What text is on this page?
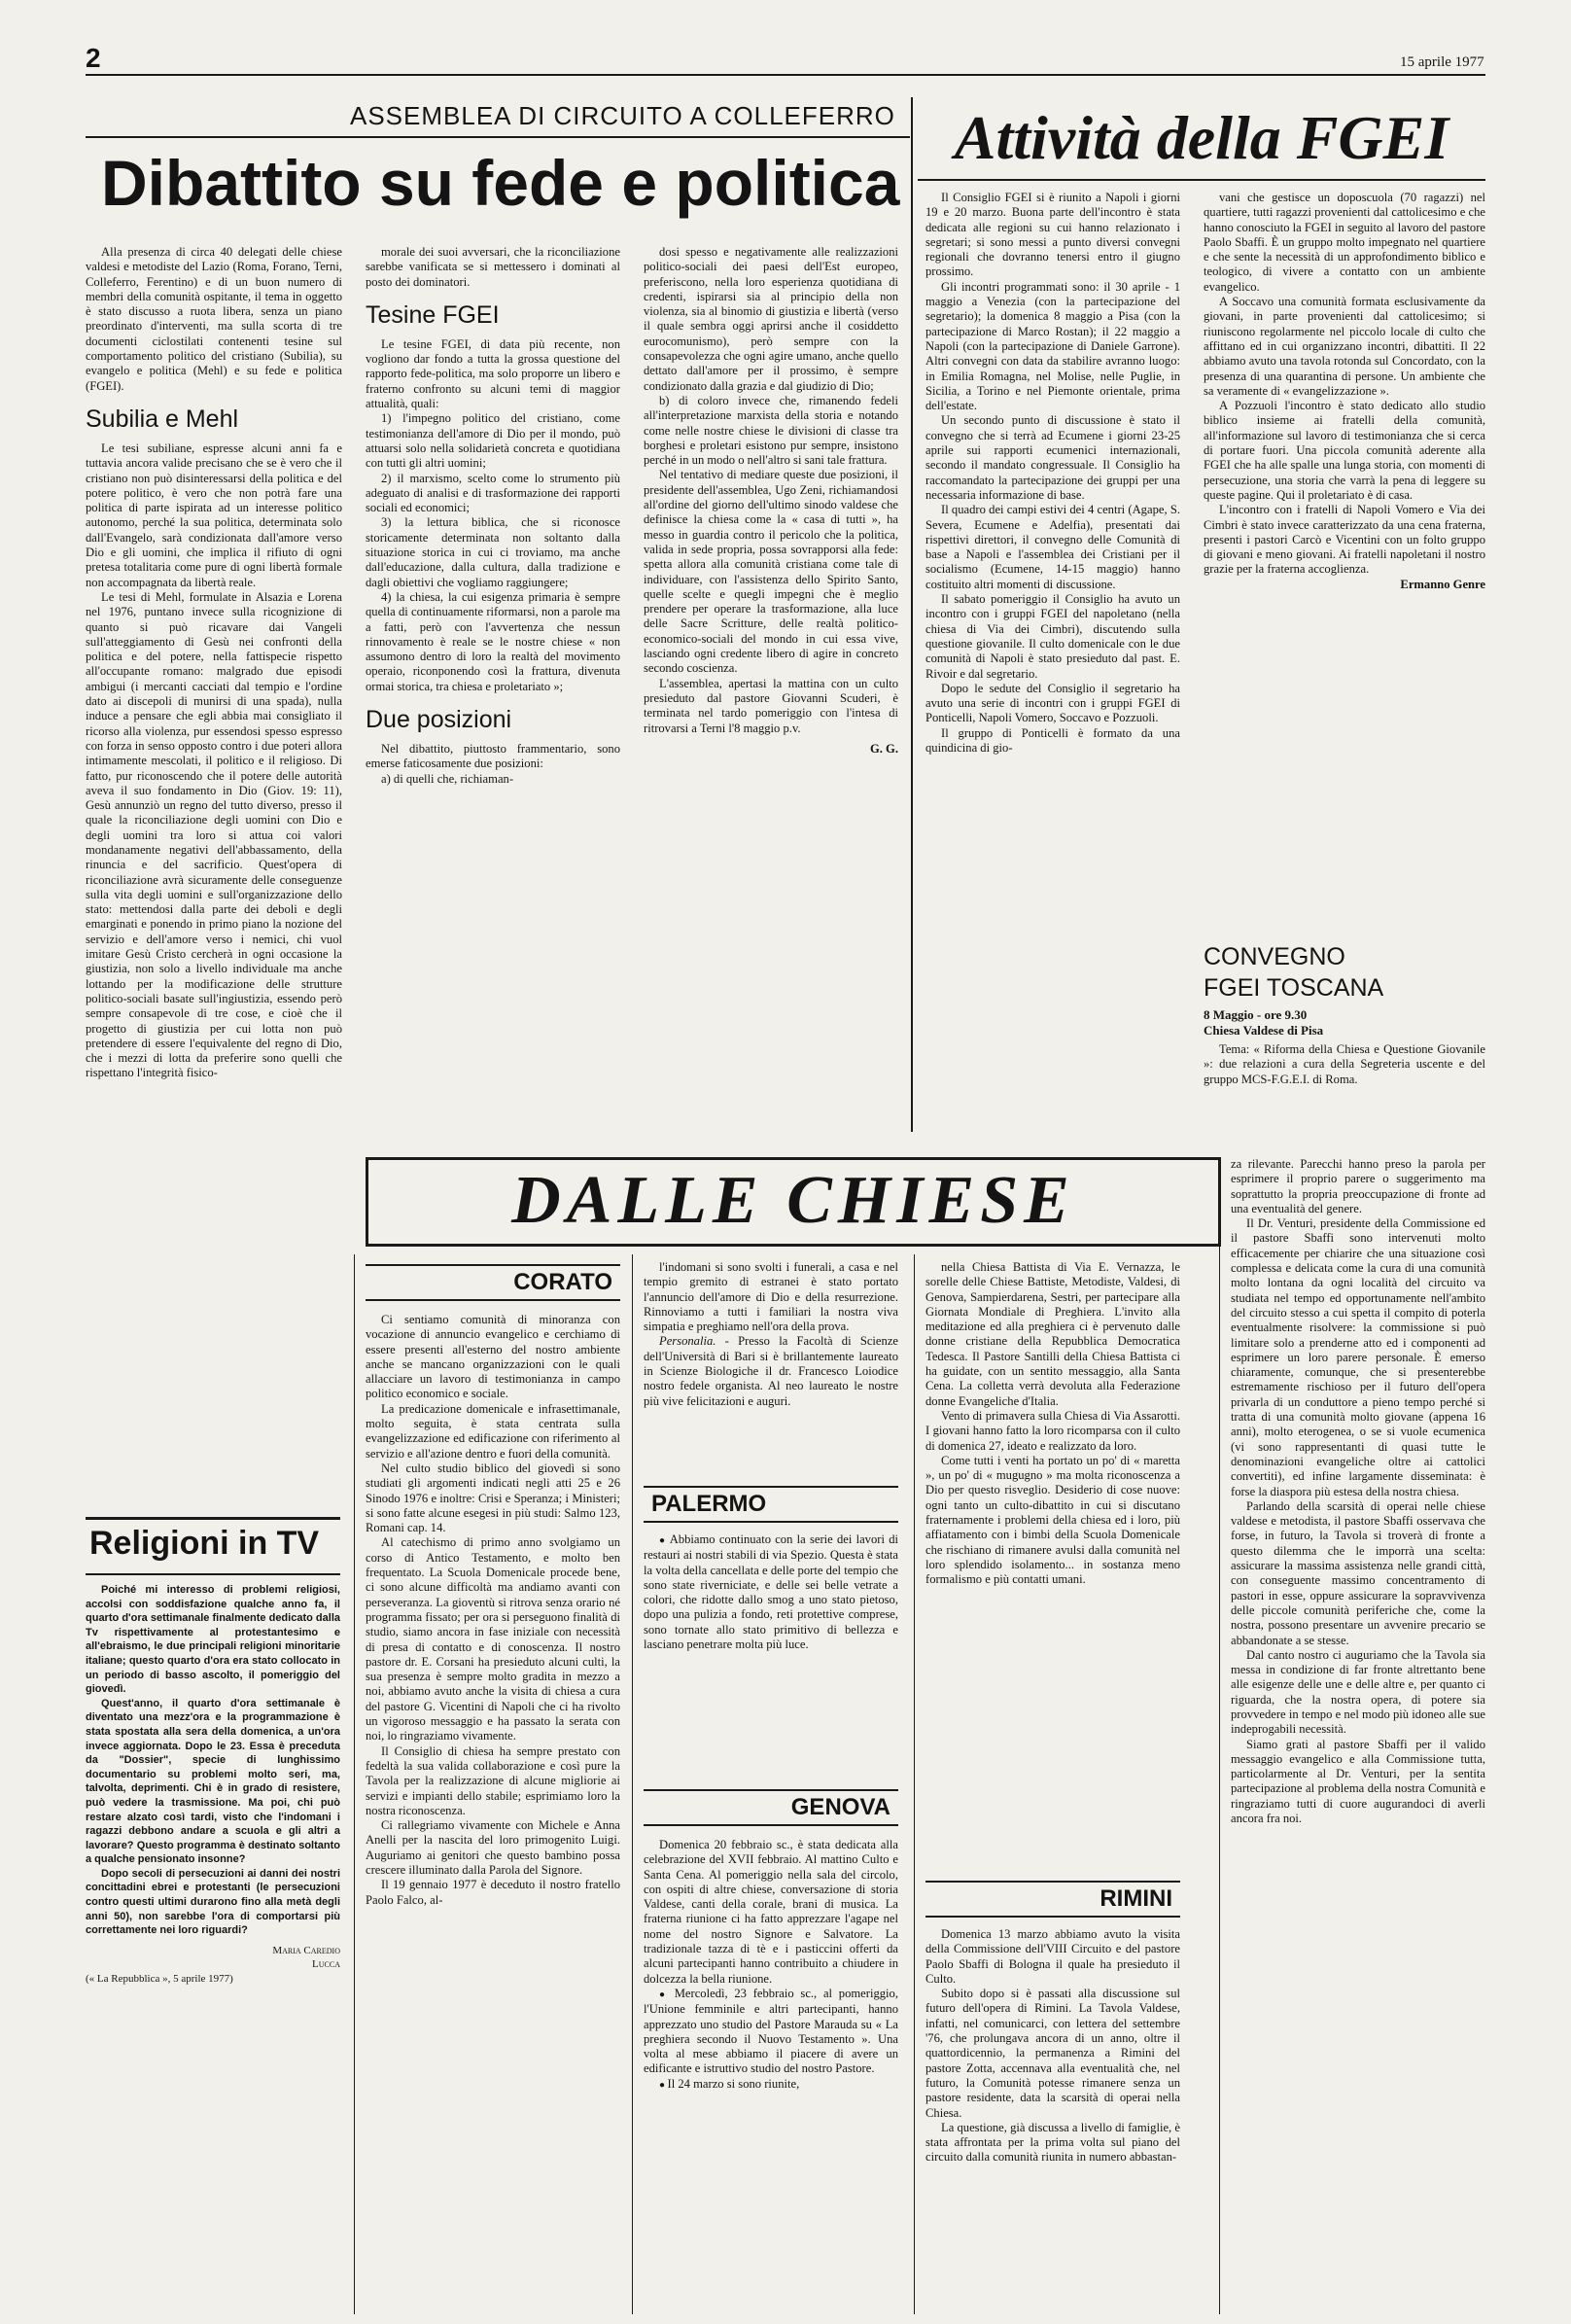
2	15 aprile 1977
ASSEMBLEA DI CIRCUITO A COLLEFERRO
Dibattito su fede e politica
Attività della FGEI

Alla presenza di circa 40 delegati delle chiese valdesi e metodiste del Lazio (Roma, Forano, Terni, Colleferro, Ferentino) e di un buon numero di membri della comunità ospitante, il tema in oggetto è stato discusso a ruota libera, senza un piano preordinato d'interventi, ma sulla scorta di tre documenti ciclostilati contenenti tesine sul comportamento politico del cristiano (Subilia), su evangelo e politica (Mehl) e su fede e politica (FGEI).

Subilia e Mehl

Le tesi subiliane, espresse alcuni anni fa e tuttavia ancora valide precisano che se è vero che il cristiano non può disinteressarsi della politica e del potere politico, è vero che non potrà fare una politica di parte ispirata ad un interesse politico autonomo, perché la sua politica, determinata solo dall'Evangelo, sarà condizionata dall'amore verso Dio e gli uomini, che implica il rifiuto di ogni pretesa totalitaria come pure di ogni libertà formale non accompagnata da libertà reale.

Le tesi di Mehl, formulate in Alsazia e Lorena nel 1976, puntano invece sulla ricognizione di quanto si può ricavare dai Vangeli sull'atteggiamento di Gesù nei confronti della politica e del potere, nella fattispecie rispetto all'occupante romano: malgrado due episodi ambigui (i mercanti cacciati dal tempio e l'ordine dato ai discepoli di munirsi di una spada), nulla induce a pensare che egli abbia mai consigliato il ricorso alla violenza, pur essendosi spesso espresso con forza in senso opposto contro i due poteri allora intimamente mescolati, il politico e il religioso. Di fatto, pur riconoscendo che il potere delle autorità aveva il suo fondamento in Dio (Giov. 19: 11), Gesù annunziò un regno del tutto diverso, presso il quale la riconciliazione degli uomini con Dio e degli uomini tra loro si attua coi valori mondanamente negativi dell'abbassamento, della rinuncia e del sacrificio. Quest'opera di riconciliazione avrà sicuramente delle conseguenze sulla vita degli uomini e sull'organizzazione dello stato: mettendosi dalla parte dei deboli e degli emarginati e ponendo in primo piano la nozione del servizio e dell'amore verso i nemici, chi vuol imitare Gesù Cristo cercherà in ogni occasione la giustizia, non solo a livello individuale ma anche lottando per la modificazione delle strutture politico-sociali basate sull'ingiustizia, essendo però sempre consapevole di tre cose, e cioè che il progetto di giustizia per cui lotta non può pretendere di essere l'equivalente del regno di Dio, che i mezzi di lotta da preferire sono quelli che rispettano l'integrità fisico-

morale dei suoi avversari, che la riconciliazione sarebbe vanificata se si mettessero i dominati al posto dei dominatori.

Tesine FGEI

Le tesine FGEI, di data più recente, non vogliono dar fondo a tutta la grossa questione del rapporto fede-politica, ma solo proporre un libero e fraterno confronto su alcuni temi di maggior attualità, quali:

1) l'impegno politico del cristiano, come testimonianza dell'amore di Dio per il mondo, può attuarsi solo nella solidarietà concreta e quotidiana con tutti gli altri uomini;

2) il marxismo, scelto come lo strumento più adeguato di analisi e di trasformazione dei rapporti sociali ed economici;

3) la lettura biblica, che si riconosce storicamente determinata non soltanto dalla situazione storica in cui ci troviamo, ma anche dall'educazione, dalla cultura, dalla tradizione e dagli obiettivi che vogliamo raggiungere;

4) la chiesa, la cui esigenza primaria è sempre quella di continuamente riformarsi, non a parole ma a fatti, però con l'avvertenza che nessun rinnovamento è reale se le nostre chiese « non assumono dentro di loro la realtà del movimento operaio, riconponendo così la frattura, divenuta ormai storica, tra chiesa e proletariato »;

Due posizioni

Nel dibattito, piuttosto frammentario, sono emerse faticosamente due posizioni:

a) di quelli che, richiaman-

dosi spesso e negativamente alle realizzazioni politico-sociali dei paesi dell'Est europeo, preferiscono, nella loro esperienza quotidiana di credenti, ispirarsi sia al principio della non violenza, sia al binomio di giustizia e libertà (verso il quale sembra oggi aprirsi anche il cosiddetto eurocomunismo), però sempre con la consapevolezza che ogni agire umano, anche quello dettato dall'amore per il prossimo, è sempre condizionato dalla grazia e dal giudizio di Dio;

b) di coloro invece che, rimanendo fedeli all'interpretazione marxista della storia e notando come nelle nostre chiese le divisioni di classe tra borghesi e proletari esistono pur sempre, insistono perché in un modo o nell'altro si sani tale frattura.

Nel tentativo di mediare queste due posizioni, il presidente dell'assemblea, Ugo Zeni, richiamandosi all'ordine del giorno dell'ultimo sinodo valdese che definisce la chiesa come la « casa di tutti », ha messo in guardia contro il pericolo che la politica, valida in sede propria, possa sovrapporsi alla fede: spetta allora alla comunità cristiana come tale di individuare, con l'assistenza dello Spirito Santo, quelle scelte e quegli impegni che è meglio prendere per operare la trasformazione, alla luce delle Sacre Scritture, delle realtà politico-economico-sociali del mondo in cui essa vive, lasciando ogni credente libero di agire in concreto secondo coscienza.

L'assemblea, apertasi la mattina con un culto presieduto dal pastore Giovanni Scuderi, è terminata nel tardo pomeriggio con l'intesa di ritrovarsi a Terni l'8 maggio p.v.

G. G.

Il Consiglio FGEI si è riunito a Napoli i giorni 19 e 20 marzo. Buona parte dell'incontro è stata dedicata alle regioni su cui hanno relazionato i segretari; si sono messi a punto diversi convegni regionali che dovranno tenersi entro il giugno prossimo.

Gli incontri programmati sono: il 30 aprile - 1 maggio a Venezia (con la partecipazione del segretario); la domenica 8 maggio a Pisa (con la partecipazione di Marco Rostan); il 22 maggio a Napoli (con la partecipazione di Daniele Garrone). Altri convegni con data da stabilire avranno luogo: in Emilia Romagna, nel Molise, nelle Puglie, in Sicilia, a Torino e nel Piemonte orientale, prima dell'estate.

Un secondo punto di discussione è stato il convegno che si terrà ad Ecumene i giorni 23-25 aprile sui rapporti ecumenici internazionali, secondo il mandato congressuale. Il Consiglio ha raccomandato la partecipazione dei gruppi per una necessaria informazione di base.

Il quadro dei campi estivi dei 4 centri (Agape, S. Severa, Ecumene e Adelfia), presentati dai rispettivi direttori, il convegno delle Comunità di base a Napoli e l'assemblea dei Cristiani per il socialismo (Ecumene, 14-15 maggio) hanno costituito altri momenti di discussione.

Il sabato pomeriggio il Consiglio ha avuto un incontro con i gruppi FGEI del napoletano (nella chiesa di Via dei Cimbri), discutendo sulla questione giovanile. Il culto domenicale con le due comunità di Napoli è stato presieduto dal past. E. Rivoir e dal segretario.

Dopo le sedute del Consiglio il segretario ha avuto una serie di incontri con i gruppi FGEI di Ponticelli, Napoli Vomero, Soccavo e Pozzuoli.

Il gruppo di Ponticelli è formato da una quindicina di gio-

vani che gestisce un doposcuola (70 ragazzi) nel quartiere, tutti ragazzi provenienti dal cattolicesimo e che hanno conosciuto la FGEI in seguito al lavoro del pastore Paolo Sbaffi. È un gruppo molto impegnato nel quartiere e che sente la necessità di un approfondimento biblico e teologico, di vivere a contatto con un ambiente evangelico.

A Soccavo una comunità formata esclusivamente da giovani, in parte provenienti dal cattolicesimo; si riuniscono regolarmente nel piccolo locale di culto che affittano ed in cui organizzano incontri, dibattiti. Il 22 abbiamo avuto una tavola rotonda sul Concordato, con la presenza di una quarantina di persone. Un ambiente che sa veramente di « evangelizzazione ».

A Pozzuoli l'incontro è stato dedicato allo studio biblico insieme ai fratelli della comunità, all'informazione sul lavoro di testimonianza che si cerca di portare fuori. Una piccola comunità aderente alla FGEI che ha alle spalle una lunga storia, con momenti di persecuzione, una storia che varrà la pena di leggere su queste pagine. Qui il proletariato è di casa.

L'incontro con i fratelli di Napoli Vomero e Via dei Cimbri è stato invece caratterizzato da una cena fraterna, presenti i pastori Carcò e Vicentini con un folto gruppo di giovani e meno giovani. Ai fratelli napoletani il nostro grazie per la fraterna accoglienza.

Ermanno Genre
CONVEGNO FGEI TOSCANA
8 Maggio - ore 9.30
Chiesa Valdese di Pisa
Tema: « Riforma della Chiesa e Questione Giovanile »: due relazioni a cura della Segreteria uscente e del gruppo MCS-F.G.E.I. di Roma.
Religioni in TV

Poiché mi interesso di problemi religiosi, accolsi con soddisfazione qualche anno fa, il quarto d'ora settimanale finalmente dedicato dalla Tv rispettivamente al protestantesimo e all'ebraismo, le due principali religioni minoritarie italiane; questo quarto d'ora era stato collocato in un periodo di basso ascolto, il pomeriggio del giovedì.

Quest'anno, il quarto d'ora settimanale è diventato una mezz'ora e la programmazione è stata spostata alla sera della domenica, a un'ora invece aggiornata. Dopo le 23. Essa è preceduta da "Dossier", specie di lunghissimo documentario su problemi molto seri, ma, talvolta, deprimenti. Chi è in grado di resistere, può vedere la trasmissione. Ma poi, chi può restare alzato così tardi, visto che l'indomani i ragazzi debbono andare a scuola e gli altri a lavorare? Questo programma è destinato soltanto a qualche pensionato insonne?

Dopo secoli di persecuzioni ai danni dei nostri concittadini ebrei e protestanti (le persecuzioni contro questi ultimi durarono fino alla metà degli anni 50), non sarebbe l'ora di comportarsi più correttamente nei loro riguardi?

Maria Caredio
Lucca
(« La Repubblica », 5 aprile 1977)
DALLE CHIESE
CORATO

Ci sentiamo comunità di minoranza con vocazione di annuncio evangelico e cerchiamo di essere presenti all'esterno del nostro ambiente anche se mancano organizzazioni con le quali allacciare un lavoro di testimonianza in campo politico economico e sociale.

La predicazione domenicale e infrasettimanale, molto seguita, è stata centrata sulla evangelizzazione ed edificazione con riferimento al servizio e all'azione dentro e fuori della comunità.

Nel culto studio biblico del giovedì si sono studiati gli argomenti indicati negli atti 25 e 26 Sinodo 1976 e inoltre: Crisi e Speranza; i Ministeri; si sono fatte alcune esegesi in più studi: Salmo 123, Romani cap. 14.

Al catechismo di primo anno svolgiamo un corso di Antico Testamento, e molto ben frequentato. La Scuola Domenicale procede bene, ci sono alcune difficoltà ma andiamo avanti con perseveranza. La gioventù si ritrova senza orario né programma fissato; per ora si perseguono finalità di studio, siamo ancora in fase iniziale con necessità di presa di contatto e di conoscenza. Il nostro pastore dr. E. Corsani ha presieduto alcuni culti, la sua presenza è sempre molto gradita in mezzo a noi, abbiamo avuto anche la visita di chiesa a cura del pastore G. Vicentini di Napoli che ci ha rivolto un vigoroso messaggio e ha passato la serata con noi, lo ringraziamo vivamente.

Il Consiglio di chiesa ha sempre prestato con fedeltà la sua valida collaborazione e così pure la Tavola per la realizzazione di alcune migliorie ai servizi e impianti dello stabile; esprimiamo loro la nostra riconoscenza.

Ci rallegriamo vivamente con Michele e Anna Anelli per la nascita del loro primogenito Luigi. Auguriamo ai genitori che questo bambino possa crescere illuminato dalla Parola del Signore.

Il 19 gennaio 1977 è deceduto il nostro fratello Paolo Falco, al-

l'indomani si sono svolti i funerali, a casa e nel tempio gremito di estranei è stato portato l'annuncio dell'amore di Dio e della resurrezione. Rinnoviamo a tutti i familiari la nostra viva simpatia e preghiamo nell'ora della prova.

Personalia. - Presso la Facoltà di Scienze dell'Università di Bari si è brillantemente laureato in Scienze Biologiche il dr. Francesco Loiodice nostro fedele organista. Al neo laureato le nostre più vive felicitazioni e auguri.

PALERMO

● Abbiamo continuato con la serie dei lavori di restauri ai nostri stabili di via Spezio. Questa è stata la volta della cancellata e delle porte del tempio che sono state riverniciate, e delle sei belle vetrate a colori, che ridotte dallo smog a uno stato pietoso, dopo una pulizia a fondo, reti protettive comprese, sono tornate allo stato primitivo di bellezza e lasciano penetrare molta più luce.

GENOVA

Domenica 20 febbraio sc., è stata dedicata alla celebrazione del XVII febbraio. Al mattino Culto e Santa Cena. Al pomeriggio nella sala del circolo, con ospiti di altre chiese, conversazione di storia Valdese, canti della corale, brani di musica. La fraterna riunione ci ha fatto apprezzare l'agape nel nome del nostro Signore e Salvatore. La tradizionale tazza di tè e i pasticcini offerti da alcuni partecipanti hanno contribuito a chiudere in dolcezza la bella riunione.

● Mercoledì, 23 febbraio sc., al pomeriggio, l'Unione femminile e altri partecipanti, hanno apprezzato uno studio del Pastore Marauda su « La preghiera secondo il Nuovo Testamento ». Una volta al mese abbiamo il piacere di avere un edificante e istruttivo studio del nostro Pastore.

● Il 24 marzo si sono riunite,

nella Chiesa Battista di Via E. Vernazza, le sorelle delle Chiese Battiste, Metodiste, Valdesi, di Genova, Sampierdarena, Sestri, per partecipare alla Giornata Mondiale di Preghiera. L'invito alla meditazione ed alla preghiera ci è pervenuto dalle donne cristiane della Repubblica Democratica Tedesca. Il Pastore Santilli della Chiesa Battista ci ha guidate, con un sentito messaggio, alla Santa Cena. La colletta verrà devoluta alla Federazione donne Evangeliche d'Italia.

Vento di primavera sulla Chiesa di Via Assarotti. I giovani hanno fatto la loro ricomparsa con il culto di domenica 27, ideato e realizzato da loro.

Come tutti i venti ha portato un po' di « maretta », un po' di « mugugno » ma molta riconoscenza a Dio per questo risveglio. Desiderio di cose nuove: ogni tanto un culto-dibattito in cui si discutano fraternamente i problemi della chiesa ed i loro, più affiatamento con i bimbi della Scuola Domenicale che rischiano di rimanere avulsi dalla comunità nel loro splendido isolamento... in sostanza meno formalismo e più contatti umani.

RIMINI

Domenica 13 marzo abbiamo avuto la visita della Commissione dell'VIII Circuito e del pastore Paolo Sbaffi di Bologna il quale ha presieduto il Culto.

Subito dopo si è passati alla discussione sul futuro dell'opera di Rimini. La Tavola Valdese, infatti, nel comunicarci, con lettera del settembre '76, che prolungava ancora di un anno, oltre il quattordicennio, la permanenza a Rimini del pastore Zotta, accennava alla eventualità che, nel futuro, la Comunità potesse rimanere senza un pastore residente, data la scarsità di operai nella Chiesa.

La questione, già discussa a livello di famiglie, è stata affrontata per la prima volta sul piano del circuito dalla comunità riunita in numero abbastan-

za rilevante. Parecchi hanno preso la parola per esprimere il proprio parere o suggerimento ma soprattutto la propria preoccupazione di fronte ad una eventualità del genere.

Il Dr. Venturi, presidente della Commissione ed il pastore Sbaffi sono intervenuti molto efficacemente per chiarire che una situazione così complessa e delicata come la cura di una comunità molto lontana da ogni località del circuito va studiata nel tempo ed opportunamente nell'ambito del circuito stesso a cui spetta il compito di poterla eventualmente risolvere: la commissione si può limitare solo a prenderne atto ed i componenti ad esprimere un loro parere personale. È emerso chiaramente, comunque, che si presenterebbe estremamente rischioso per il futuro dell'opera privarla di un conduttore a pieno tempo perché si tratta di una comunità molto giovane (appena 16 anni), molto eterogenea, o se si vuole ecumenica (vi sono rappresentanti di quasi tutte le denominazioni evangeliche oltre ai cattolici convertiti), ed infine largamente disseminata: è forse la diaspora più estesa della nostra chiesa.

Parlando della scarsità di operai nelle chiese valdese e metodista, il pastore Sbaffi osservava che forse, in futuro, la Tavola si troverà di fronte a questo dilemma che le imporrà una scelta: assicurare la massima assistenza nelle grandi città, con conseguente massimo concentramento di pastori in esse, oppure assicurare la sopravvivenza delle piccole comunità periferiche che, come la nostra, possono presentare un avvenire precario se abbandonate a se stesse.

Dal canto nostro ci auguriamo che la Tavola sia messa in condizione di far fronte altrettanto bene alle esigenze delle une e delle altre e, per quanto ci riguarda, che la nostra opera, di potere sia provvedere in tempo e nel modo più idoneo alle sue indeprogabili necessità.

Siamo grati al pastore Sbaffi per il valido messaggio evangelico e alla Commissione tutta, particolarmente al Dr. Venturi, per la sentita partecipazione al problema della nostra Comunità e ringraziamo tutti di cuore augurandoci di averli ancora fra noi.
